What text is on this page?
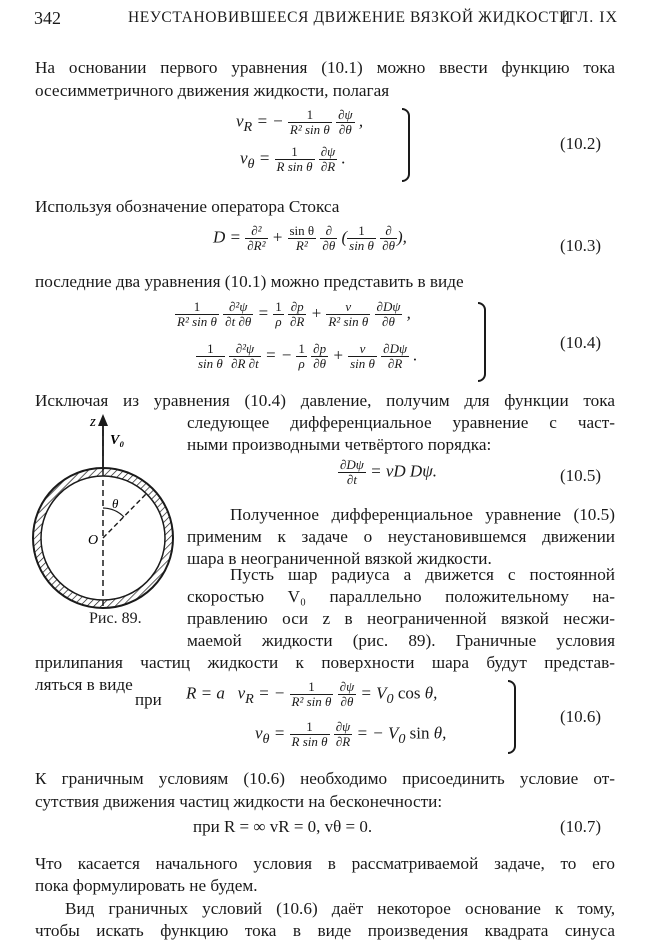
342	НЕУСТАНОВИВШЕЕСЯ ДВИЖЕНИЕ ВЯЗКОЙ ЖИДКОСТИ
[ГЛ. IX
На основании первого уравнения (10.1) можно ввести функцию тока
осесимметричного движения жидкости, полагая
$v_R$ = − $\frac{1}{\text{R² sin θ}}$
$\frac{\partial\psi}{\partial\theta}$ ,
$v_\theta = \frac{1}{\text{R sin θ}}$
$\frac{\partial\psi}{\partial R}$ .
(10.2)
Используя обозначение оператора Стокса
$D = \frac{\text{∂²}}{\text{∂R²}} + \frac{\text{sin θ}}{\text{R²}}$
$\frac{\partial}{\partial\theta}$ ( $\frac{1}{\text{sin θ}}$
$\frac{\partial}{\partial\theta}$ ),	(10.3)
последние два уравнения (10.1) можно представить в виде
$\frac{1}{\text{R² sin θ}}$
$\frac{\text{∂²ψ}}{\partial t \partial\theta} = \frac{1}{\rho}$
$\frac{\partial p}{\partial R} + \frac{\nu}{\text{R² sin θ}}$
$\frac{\partial D\psi}{\partial\theta}$ ,
$\frac{1}{\text{sin θ}}$
$\frac{\text{∂²ψ}}{\partial R \partial t}$ = − $\frac{1}{\rho}$
$\frac{\partial p}{\partial\theta} + \frac{\nu}{\text{sin θ}}$
$\frac{\partial D\psi}{\partial R}$ .
(10.4)
Исключая из уравнения (10.4) давление, получим для функции тока
следующее дифференциальное уравнение с част-
ными производными четвёртого порядка:
$\frac{\partial D\psi}{\partial t} = \nu D$ Dψ.	(10.5)
z
V₀
θ
O
Рис. 89.
Полученное дифференциальное уравнение (10.5)
применим к задаче о неустановившемся движении
шара в неограниченной вязкой жидкости.
Пусть шар радиуса a движется с постоянной
скоростью V₀ параллельно положительному на-
правлению оси z в неограниченной вязкой несжи-
маемой жидкости (рис. 89). Граничные условия
прилипания частиц жидкости к поверхности шара будут представ-
ляться в виде
при R = a   $v_R$ = − $\frac{1}{\text{R² sin θ}}$
$\frac{\partial\psi}{\partial\theta} = V_0$ cos θ,
$v_\theta = \frac{1}{\text{R sin θ}}$
$\frac{\partial\psi}{\partial R}$ = − $V_0$ sin θ,
(10.6)
К граничным условиям (10.6) необходимо присоединить условие от-
сутствия движения частиц жидкости на бесконечности:
при R = ∞ vR = 0, vθ = 0.	(10.7)
Что касается начального условия в рассматриваемой задаче, то его
пока формулировать не будем.
Вид граничных условий (10.6) даёт некоторое основание к тому,
чтобы искать функцию тока в виде произведения квадрата синуса
